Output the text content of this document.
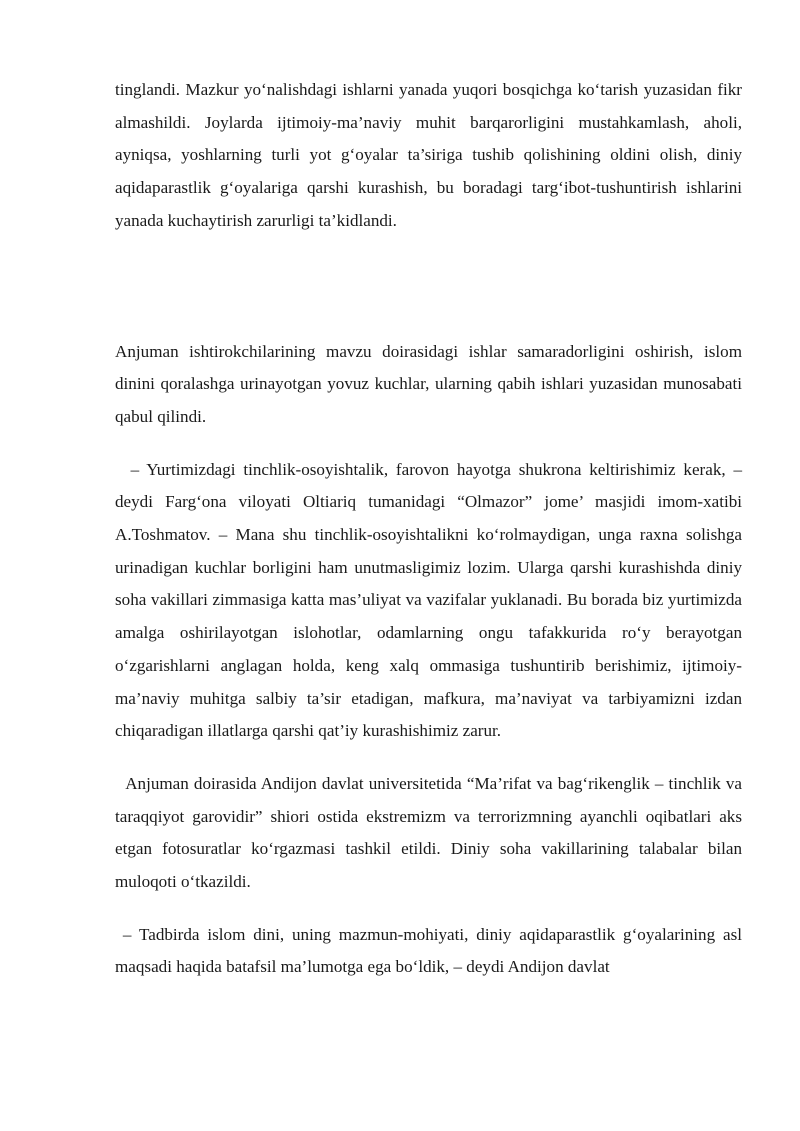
tinglandi. Mazkur yo‘nalishdagi ishlarni yanada yuqori bosqichga ko‘tarish yuzasidan fikr almashildi. Joylarda ijtimoiy-ma’naviy muhit barqarorligini mustahkamlash, aholi, ayniqsa, yoshlarning turli yot g‘oyalar ta’siriga tushib qolishining oldini olish, diniy aqidaparastlik g‘oyalariga qarshi kurashish, bu boradagi targ‘ibot-tushuntirish ishlarini yanada kuchaytirish zarurligi ta’kidlandi.

Anjuman ishtirokchilarining mavzu doirasidagi ishlar samaradorligini oshirish, islom dinini qoralashga urinayotgan yovuz kuchlar, ularning qabih ishlari yuzasidan munosabati qabul qilindi.

– Yurtimizdagi tinchlik-osoyishtalik, farovon hayotga shukrona keltirishimiz kerak, – deydi Farg‘ona viloyati Oltiariq tumanidagi “Olmazor” jome’ masjidi imom-xatibi A.Toshmatov. – Mana shu tinchlik-osoyishtalikni ko‘rolmaydigan, unga raxna solishga urinadigan kuchlar borligini ham unutmasligimiz lozim. Ularga qarshi kurashishda diniy soha vakillari zimmasiga katta mas’uliyat va vazifalar yuklanadi. Bu borada biz yurtimizda amalga oshirilayotgan islohotlar, odamlarning ongu tafakkurida ro‘y berayotgan o‘zgarishlarni anglagan holda, keng xalq ommasiga tushuntirib berishimiz, ijtimoiy-ma’naviy muhitga salbiy ta’sir etadigan, mafkura, ma’naviyat va tarbiyamizni izdan chiqaradigan illatlarga qarshi qat’iy kurashishimiz zarur.

Anjuman doirasida Andijon davlat universitetida “Ma’rifat va bag‘rikenglik – tinchlik va taraqqiyot garovidir” shiori ostida ekstremizm va terrorizmning ayanchli oqibatlari aks etgan fotosuratlar ko‘rgazmasi tashkil etildi. Diniy soha vakillarining talabalar bilan muloqoti o‘tkazildi.

– Tadbirda islom dini, uning mazmun-mohiyati, diniy aqidaparastlik g‘oyalarining asl maqsadi haqida batafsil ma’lumotga ega bo‘ldik, – deydi Andijon davlat
